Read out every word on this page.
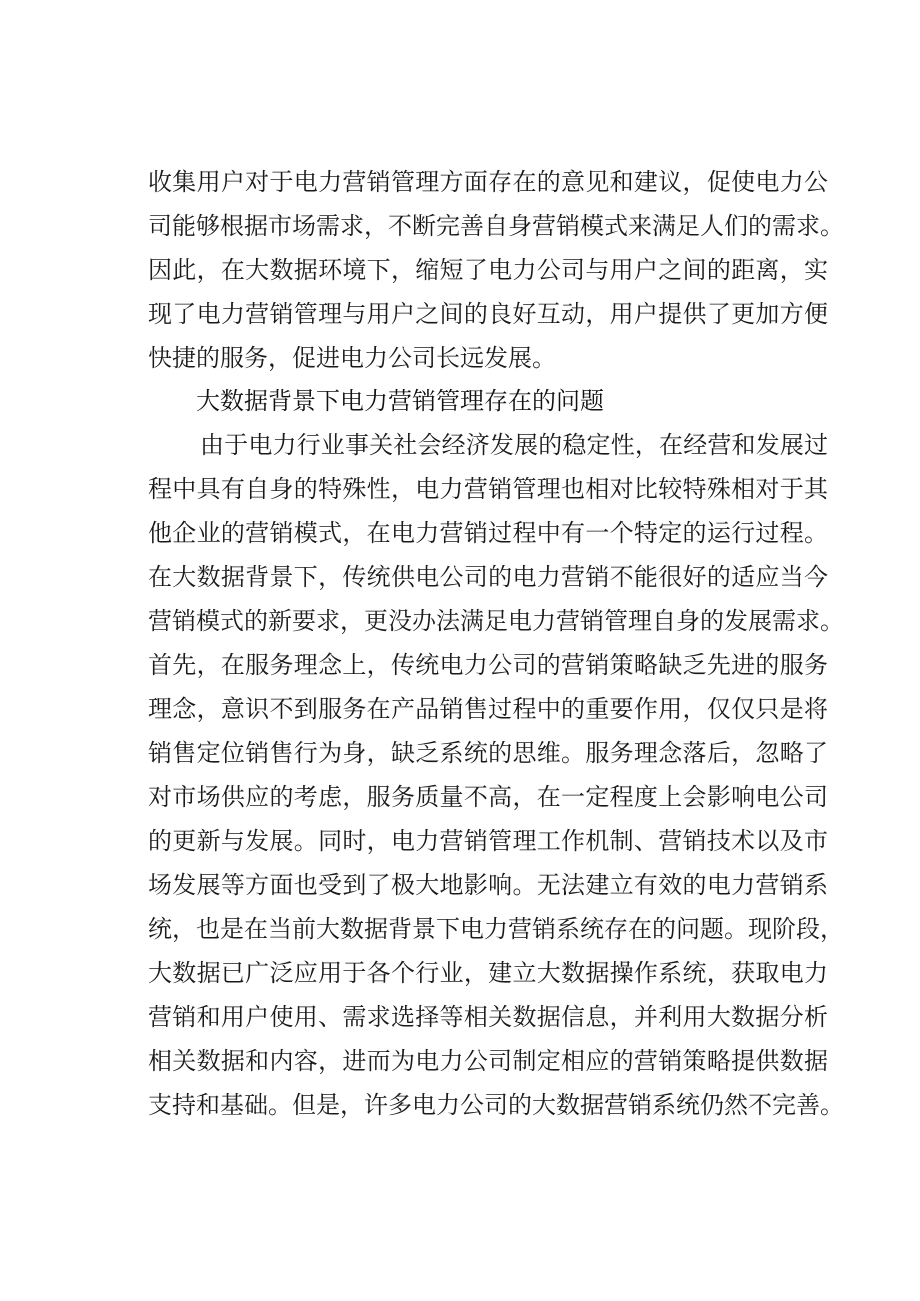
收集用户对于电力营销管理方面存在的意见和建议，促使电力公
司能够根据市场需求，不断完善自身营销模式来满足人们的需求。
因此，在大数据环境下，缩短了电力公司与用户之间的距离，实
现了电力营销管理与用户之间的良好互动，用户提供了更加方便
快捷的服务，促进电力公司长远发展。
大数据背景下电力营销管理存在的问题
由于电力行业事关社会经济发展的稳定性，在经营和发展过
程中具有自身的特殊性，电力营销管理也相对比较特殊相对于其
他企业的营销模式，在电力营销过程中有一个特定的运行过程。
在大数据背景下，传统供电公司的电力营销不能很好的适应当今
营销模式的新要求，更没办法满足电力营销管理自身的发展需求。
首先，在服务理念上，传统电力公司的营销策略缺乏先进的服务
理念，意识不到服务在产品销售过程中的重要作用，仅仅只是将
销售定位销售行为身，缺乏系统的思维。服务理念落后，忽略了
对市场供应的考虑，服务质量不高，在一定程度上会影响电公司
的更新与发展。同时，电力营销管理工作机制、营销技术以及市
场发展等方面也受到了极大地影响。无法建立有效的电力营销系
统，也是在当前大数据背景下电力营销系统存在的问题。现阶段，
大数据已广泛应用于各个行业，建立大数据操作系统，获取电力
营销和用户使用、需求选择等相关数据信息，并利用大数据分析
相关数据和内容，进而为电力公司制定相应的营销策略提供数据
支持和基础。但是，许多电力公司的大数据营销系统仍然不完善。
